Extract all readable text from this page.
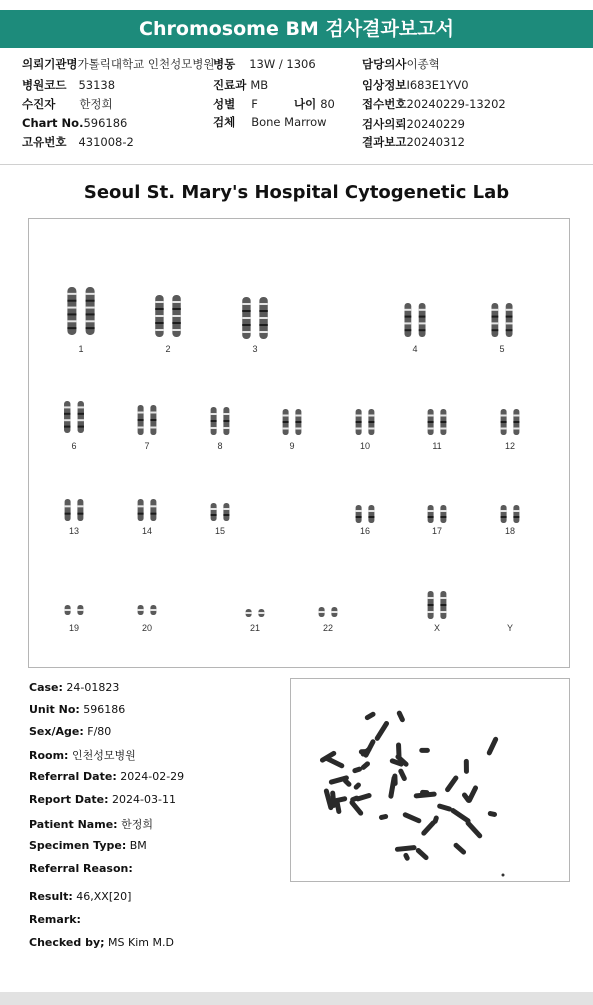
Chromosome BM 검사결과보고서
의뢰기관명가톨릭대학교 인천성모병원
병동 13W / 1306	담당의사이종혁
병원코드 53138	진료과 MB	임상정보I683E1YV0
수진자 한정희	성별 F	나이 80 접수번호20240229-13202
Chart No.596186	검체 Bone Marrow	검사의뢰20240229
고유번호 431008-2	결과보고20240312
Seoul St. Mary's Hospital Cytogenetic Lab
1	2	3	4	5
6	7	8	9	10	11	12
13	14	15	16	17	18
19	20	21	22	X	Y
Case: 24-01823
Unit No: 596186
Sex/Age: F/80
Room: 인천성모병원
Referral Date: 2024-02-29
Report Date: 2024-03-11
Patient Name: 한정희
Specimen Type: BM
Referral Reason:
Result: 46,XX[20]
Remark:
Checked by; MS Kim M.D
